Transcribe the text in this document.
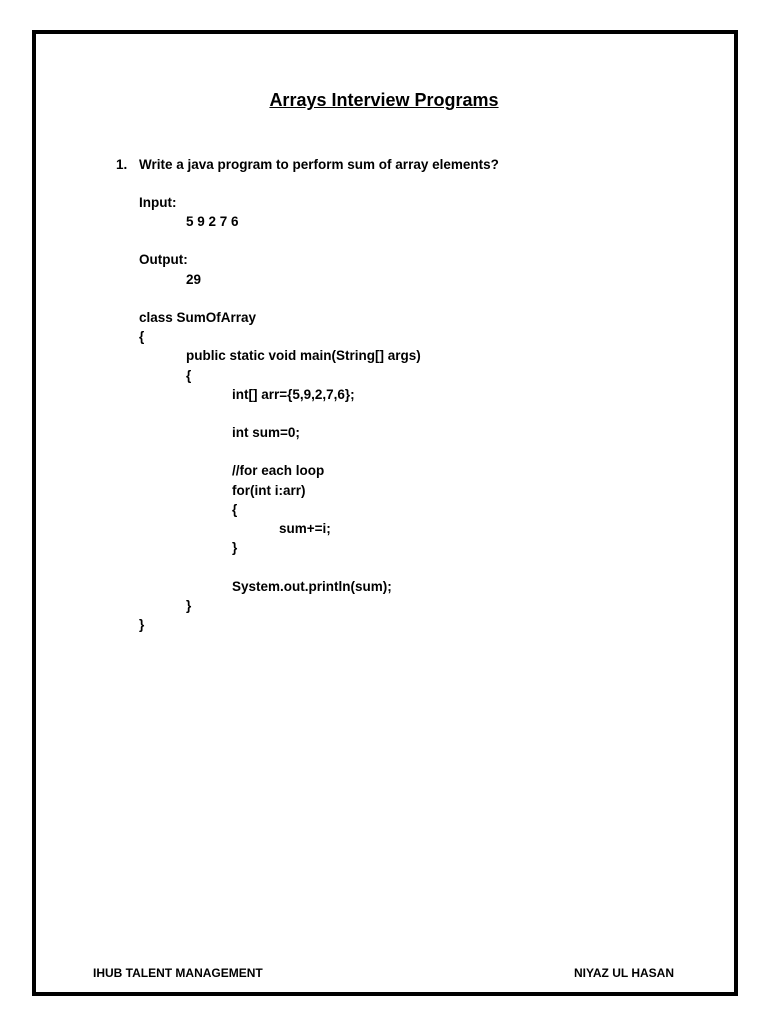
Arrays Interview Programs
1. Write a java program to perform sum of array elements?
Input:
5 9 2 7 6
Output:
29
class SumOfArray
{
public static void main(String[] args)
{
int[] arr={5,9,2,7,6};
int sum=0;
//for each loop
for(int i:arr)
{
sum+=i;
}
System.out.println(sum);
}
}
IHUB TALENT MANAGEMENT	NIYAZ UL HASAN
